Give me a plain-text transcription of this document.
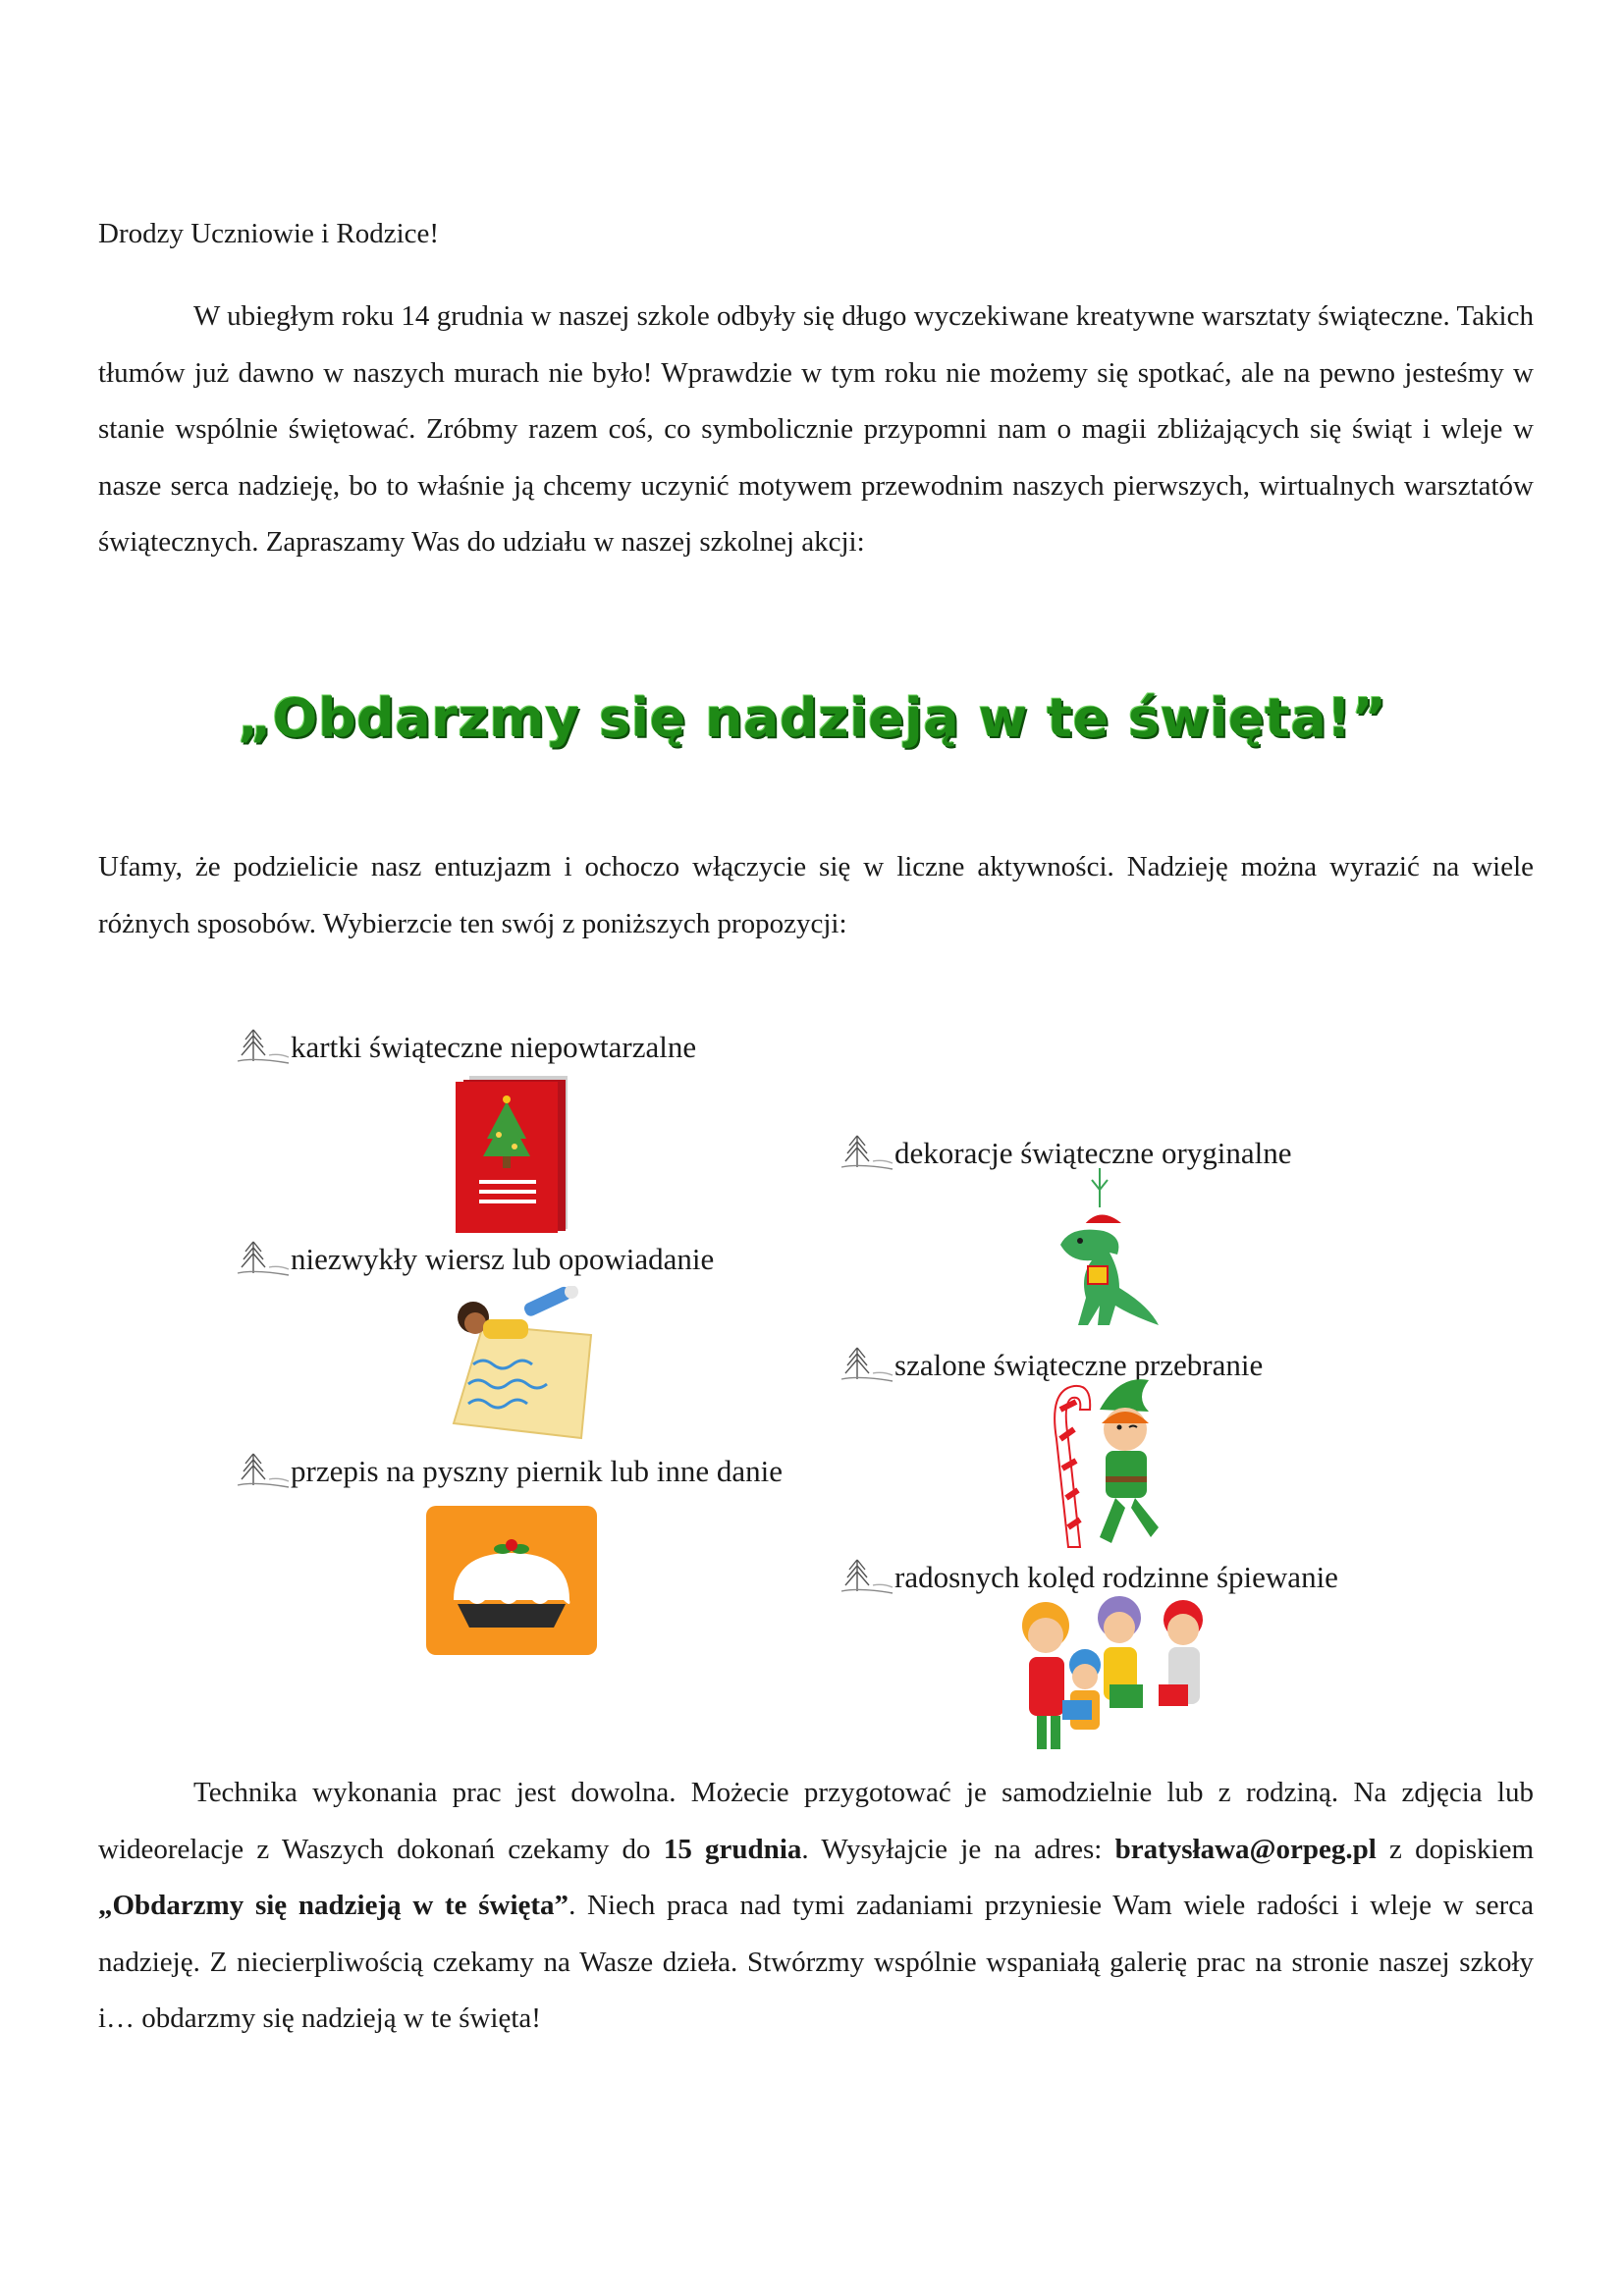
Drodzy Uczniowie i Rodzice!

W ubiegłym roku 14 grudnia w naszej szkole odbyły się długo wyczekiwane kreatywne warsztaty świąteczne. Takich tłumów już dawno w naszych murach nie było! Wprawdzie w tym roku nie możemy się spotkać, ale na pewno jesteśmy w stanie wspólnie świętować. Zróbmy razem coś, co symbolicznie przypomni nam o magii zbliżających się świąt i wleje w nasze serca nadzieję, bo to właśnie ją chcemy uczynić motywem przewodnim naszych pierwszych, wirtualnych warsztatów świątecznych. Zapraszamy Was do udziału w naszej szkolnej akcji:

„Obdarzmy się nadzieją w te święta!”

Ufamy, że podzielicie nasz entuzjazm i ochoczo włączycie się w liczne aktywności. Nadzieję można wyrazić na wiele różnych sposobów. Wybierzcie ten swój z poniższych propozycji:

kartki świąteczne niepowtarzalne
niezwykły wiersz lub opowiadanie
przepis na pyszny piernik lub inne danie
dekoracje świąteczne oryginalne
szalone świąteczne przebranie
radosnych kolęd rodzinne śpiewanie

Technika wykonania prac jest dowolna. Możecie przygotować je samodzielnie lub z rodziną. Na zdjęcia lub wideorelacje z Waszych dokonań czekamy do 15 grudnia. Wysyłajcie je na adres: bratysława@orpeg.pl z dopiskiem „Obdarzmy się nadzieją w te święta”. Niech praca nad tymi zadaniami przyniesie Wam wiele radości i wleje w serca nadzieję. Z niecierpliwością czekamy na Wasze dzieła. Stwórzmy wspólnie wspaniałą galerię prac na stronie naszej szkoły i… obdarzmy się nadzieją w te święta!
